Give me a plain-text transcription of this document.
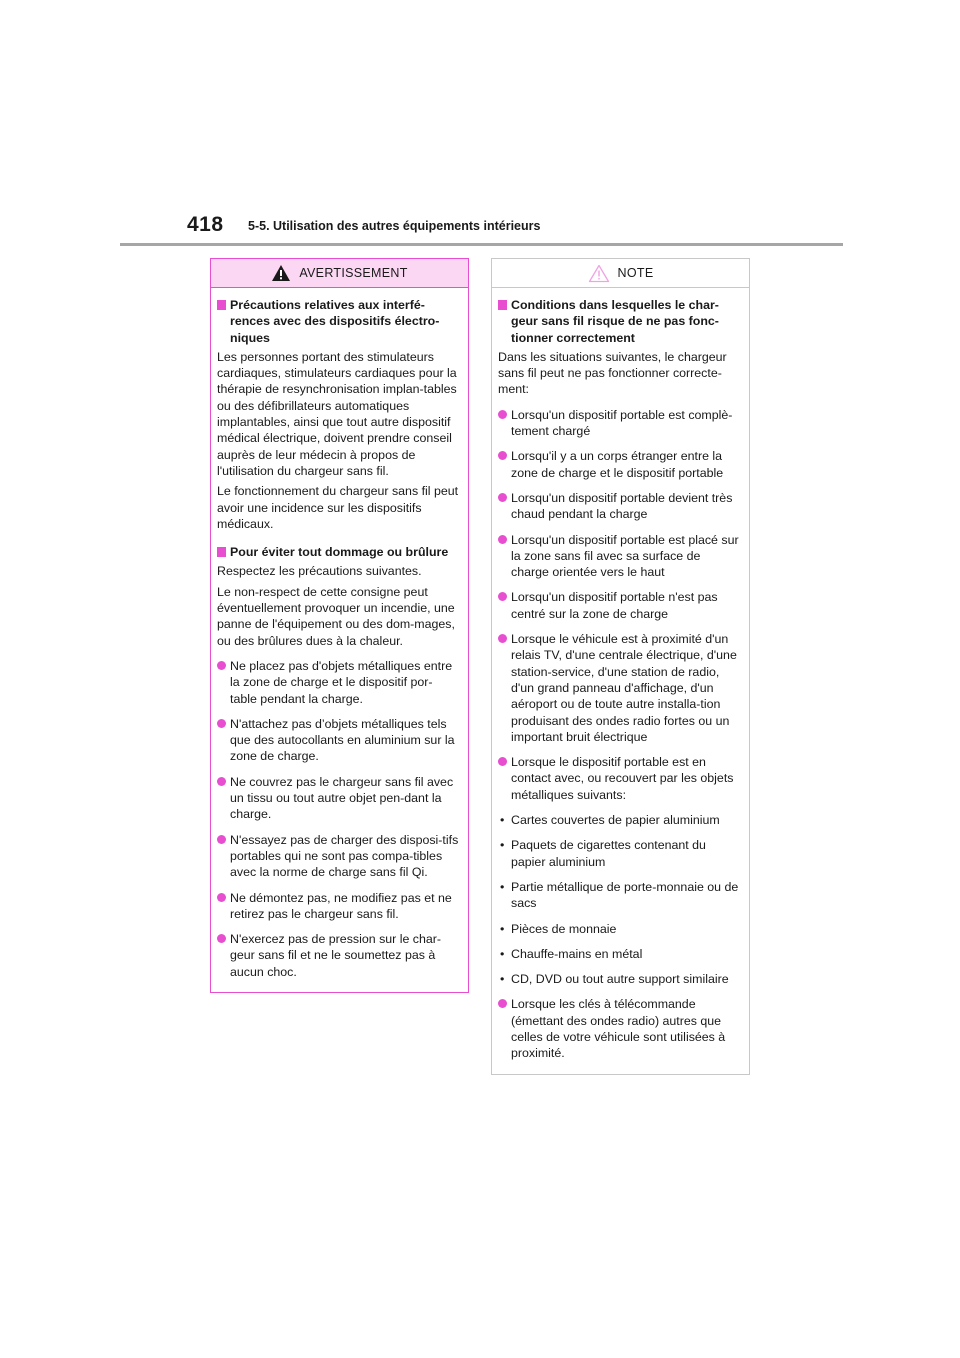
418 5-5. Utilisation des autres équipements intérieurs
AVERTISSEMENT
Précautions relatives aux interfé-rences avec des dispositifs électro-niques
Les personnes portant des stimulateurs cardiaques, stimulateurs cardiaques pour la thérapie de resynchronisation implan-tables ou des défibrillateurs automatiques implantables, ainsi que tout autre dispositif médical électrique, doivent prendre conseil auprès de leur médecin à propos de l'utilisation du chargeur sans fil.
Le fonctionnement du chargeur sans fil peut avoir une incidence sur les dispositifs médicaux.
Pour éviter tout dommage ou brûlure
Respectez les précautions suivantes.
Le non-respect de cette consigne peut éventuellement provoquer un incendie, une panne de l'équipement ou des dom-mages, ou des brûlures dues à la chaleur.
Ne placez pas d'objets métalliques entre la zone de charge et le dispositif por-table pendant la charge.
N'attachez pas d’objets métalliques tels que des autocollants en aluminium sur la zone de charge.
Ne couvrez pas le chargeur sans fil avec un tissu ou tout autre objet pen-dant la charge.
N'essayez pas de charger des disposi-tifs portables qui ne sont pas compa-tibles avec la norme de charge sans fil Qi.
Ne démontez pas, ne modifiez pas et ne retirez pas le chargeur sans fil.
N'exercez pas de pression sur le char-geur sans fil et ne le soumettez pas à aucun choc.
NOTE
Conditions dans lesquelles le char-geur sans fil risque de ne pas fonc-tionner correctement
Dans les situations suivantes, le chargeur sans fil peut ne pas fonctionner correcte-ment:
Lorsqu'un dispositif portable est complè-tement chargé
Lorsqu'il y a un corps étranger entre la zone de charge et le dispositif portable
Lorsqu'un dispositif portable devient très chaud pendant la charge
Lorsqu'un dispositif portable est placé sur la zone sans fil avec sa surface de charge orientée vers le haut
Lorsqu'un dispositif portable n'est pas centré sur la zone de charge
Lorsque le véhicule est à proximité d'un relais TV, d'une centrale électrique, d'une station-service, d'une station de radio, d'un grand panneau d'affichage, d'un aéroport ou de toute autre installa-tion produisant des ondes radio fortes ou un important bruit électrique
Lorsque le dispositif portable est en contact avec, ou recouvert par les objets métalliques suivants:
• Cartes couvertes de papier aluminium
• Paquets de cigarettes contenant du papier aluminium
• Partie métallique de porte-monnaie ou de sacs
• Pièces de monnaie
• Chauffe-mains en métal
• CD, DVD ou tout autre support similaire
Lorsque les clés à télécommande (émettant des ondes radio) autres que celles de votre véhicule sont utilisées à proximité.
